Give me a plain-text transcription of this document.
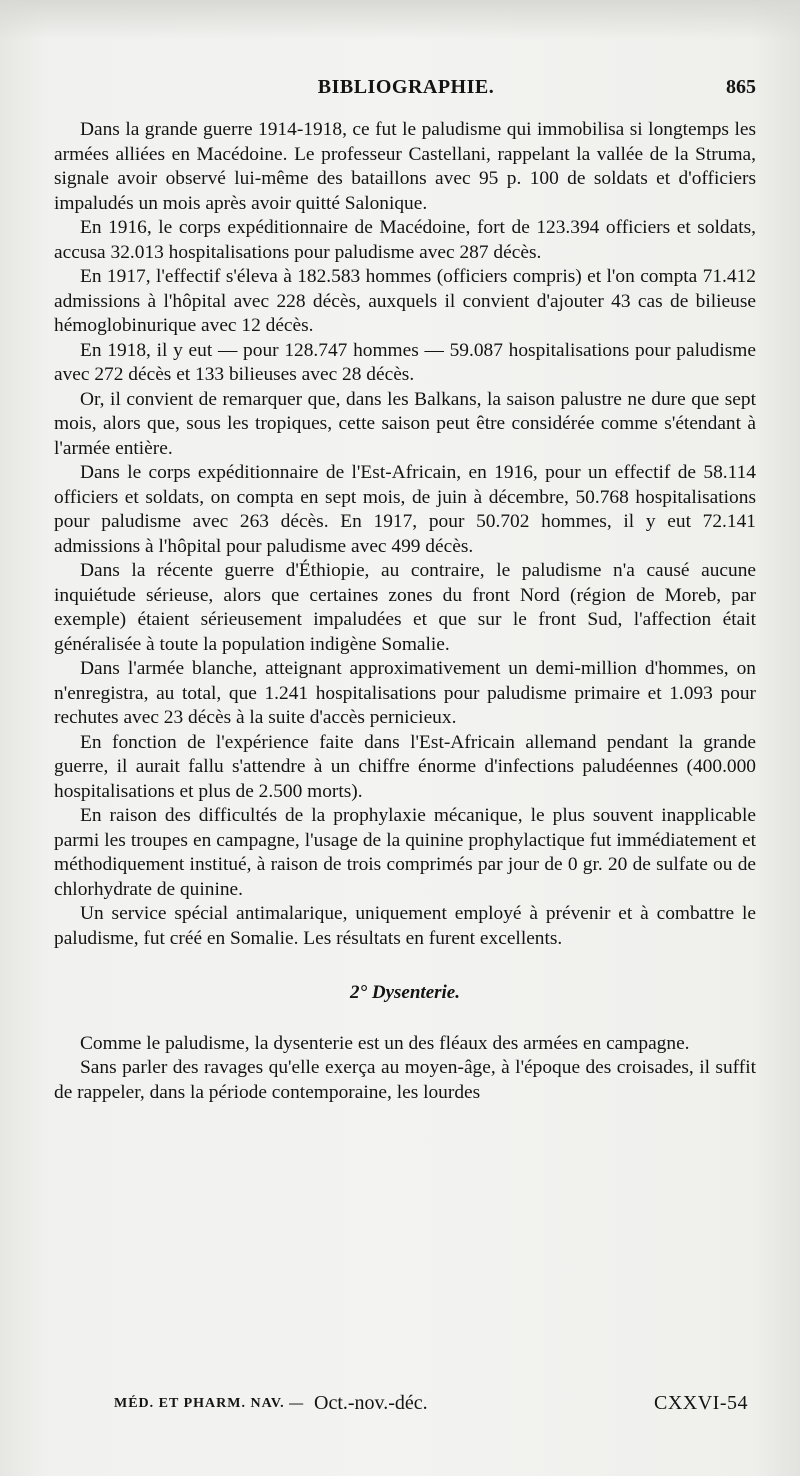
BIBLIOGRAPHIE.	865

Dans la grande guerre 1914-1918, ce fut le paludisme qui immobilisa si longtemps les armées alliées en Macédoine. Le professeur Castellani, rappelant la vallée de la Struma, signale avoir observé lui-même des bataillons avec 95 p. 100 de soldats et d'officiers impaludés un mois après avoir quitté Salonique.

En 1916, le corps expéditionnaire de Macédoine, fort de 123.394 officiers et soldats, accusa 32.013 hospitalisations pour paludisme avec 287 décès.

En 1917, l'effectif s'éleva à 182.583 hommes (officiers compris) et l'on compta 71.412 admissions à l'hôpital avec 228 décès, auxquels il convient d'ajouter 43 cas de bilieuse hémoglobinurique avec 12 décès.

En 1918, il y eut — pour 128.747 hommes — 59.087 hospitalisations pour paludisme avec 272 décès et 133 bilieuses avec 28 décès.

Or, il convient de remarquer que, dans les Balkans, la saison palustre ne dure que sept mois, alors que, sous les tropiques, cette saison peut être considérée comme s'étendant à l'armée entière.

Dans le corps expéditionnaire de l'Est-Africain, en 1916, pour un effectif de 58.114 officiers et soldats, on compta en sept mois, de juin à décembre, 50.768 hospitalisations pour paludisme avec 263 décès. En 1917, pour 50.702 hommes, il y eut 72.141 admissions à l'hôpital pour paludisme avec 499 décès.

Dans la récente guerre d'Éthiopie, au contraire, le paludisme n'a causé aucune inquiétude sérieuse, alors que certaines zones du front Nord (région de Moreb, par exemple) étaient sérieusement impaludées et que sur le front Sud, l'affection était généralisée à toute la population indigène Somalie.

Dans l'armée blanche, atteignant approximativement un demi-million d'hommes, on n'enregistra, au total, que 1.241 hospitalisations pour paludisme primaire et 1.093 pour rechutes avec 23 décès à la suite d'accès pernicieux.

En fonction de l'expérience faite dans l'Est-Africain allemand pendant la grande guerre, il aurait fallu s'attendre à un chiffre énorme d'infections paludéennes (400.000 hospitalisations et plus de 2.500 morts).

En raison des difficultés de la prophylaxie mécanique, le plus souvent inapplicable parmi les troupes en campagne, l'usage de la quinine prophylactique fut immédiatement et méthodiquement institué, à raison de trois comprimés par jour de 0 gr. 20 de sulfate ou de chlorhydrate de quinine.

Un service spécial antimalarique, uniquement employé à prévenir et à combattre le paludisme, fut créé en Somalie. Les résultats en furent excellents.

2° Dysenterie.

Comme le paludisme, la dysenterie est un des fléaux des armées en campagne.

Sans parler des ravages qu'elle exerça au moyen-âge, à l'époque des croisades, il suffit de rappeler, dans la période contemporaine, les lourdes

MÉD. ET PHARM. NAV. — Oct.-nov.-déc.	CXXVI-54
